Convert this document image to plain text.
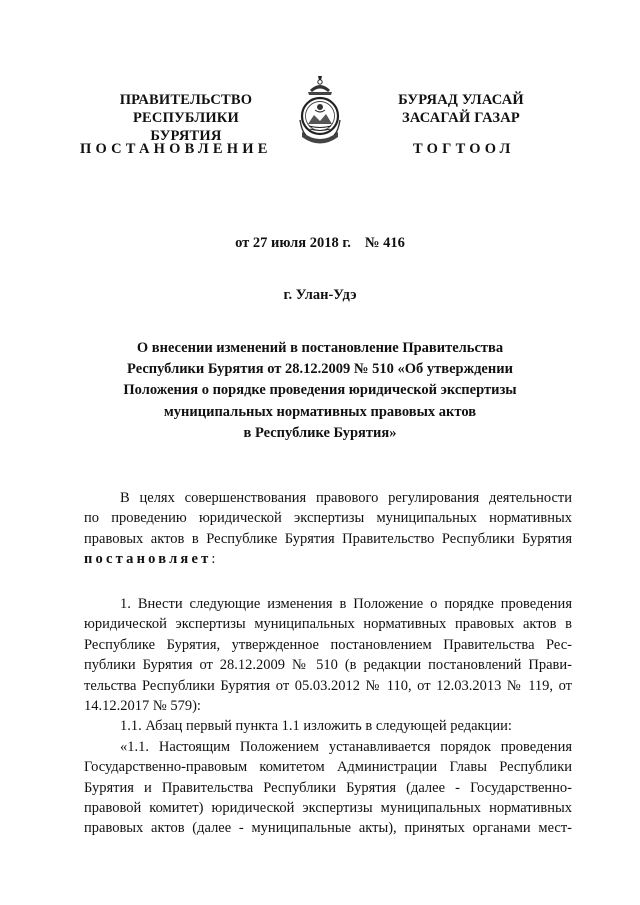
ПРАВИТЕЛЬСТВО
РЕСПУБЛИКИ БУРЯТИЯ
БУРЯАД УЛАСАЙ
ЗАСАГАЙ ГАЗАР
ПОСТАНОВЛЕНИЕ	ТОГТООЛ
от 27 июля 2018 г. № 416
г. Улан-Удэ
О внесении изменений в постановление Правительства
Республики Бурятия от 28.12.2009 № 510 «Об утверждении
Положения о порядке проведения юридической экспертизы
муниципальных нормативных правовых актов
в Республике Бурятия»
В целях совершенствования правового регулирования деятельности
по проведению юридической экспертизы муниципальных нормативных
правовых актов в Республике Бурятия Правительство Республики Бурятия
постановляет:
1. Внести следующие изменения в Положение о порядке проведения
юридической экспертизы муниципальных нормативных правовых актов в
Республике Бурятия, утвержденное постановлением Правительства Рес-
публики Бурятия от 28.12.2009 № 510 (в редакции постановлений Прави-
тельства Республики Бурятия от 05.03.2012 № 110, от 12.03.2013 № 119, от
14.12.2017 № 579):
1.1. Абзац первый пункта 1.1 изложить в следующей редакции:
«1.1. Настоящим Положением устанавливается порядок проведения
Государственно-правовым комитетом Администрации Главы Республики
Бурятия и Правительства Республики Бурятия (далее - Государственно-
правовой комитет) юридической экспертизы муниципальных нормативных
правовых актов (далее - муниципальные акты), принятых органами мест-
